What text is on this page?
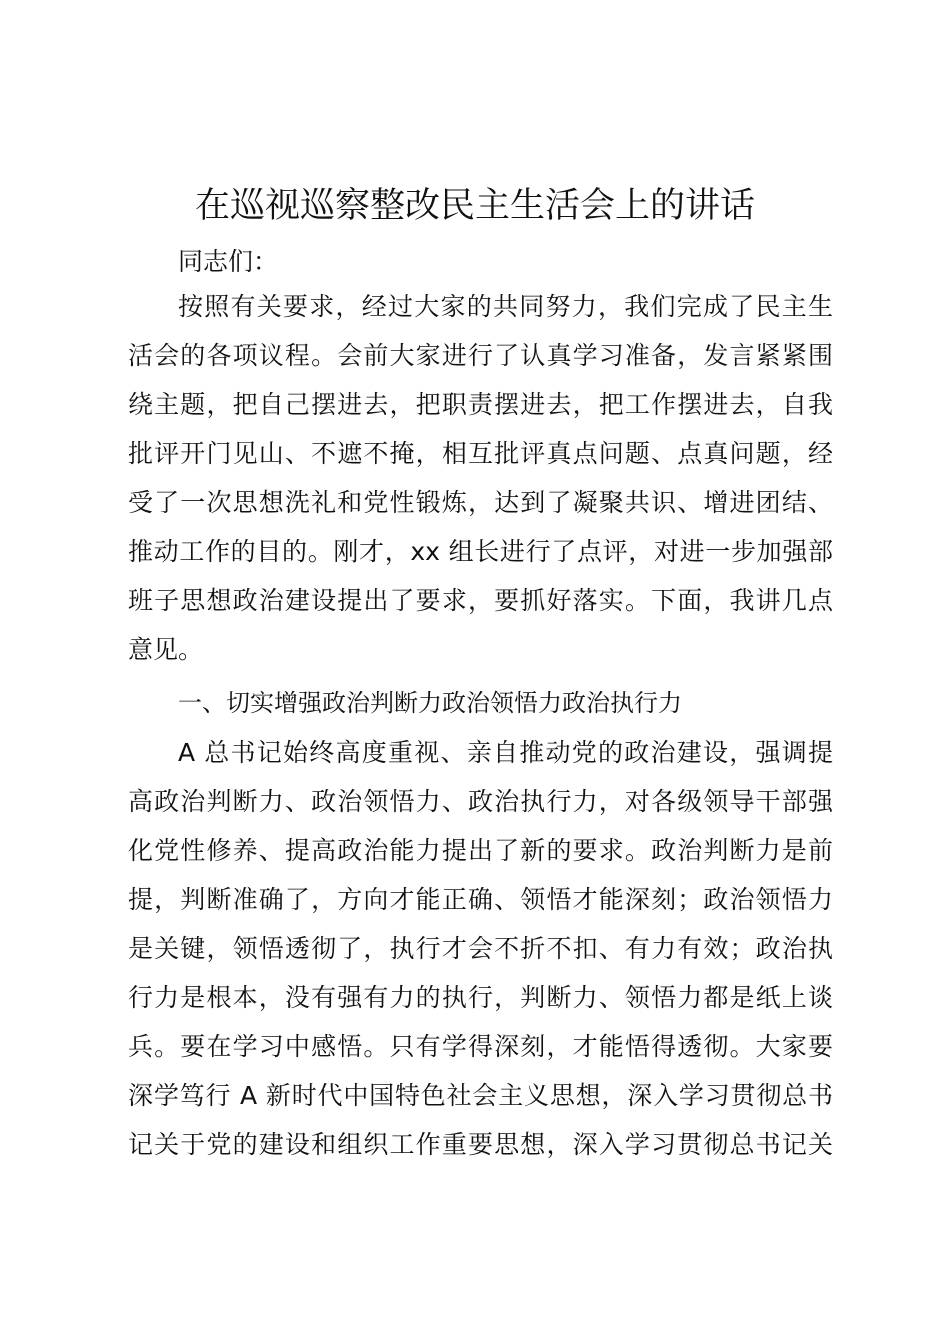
在巡视巡察整改民主生活会上的讲话
同志们：
按照有关要求，经过大家的共同努力，我们完成了民主生
活会的各项议程。会前大家进行了认真学习准备，发言紧紧围
绕主题，把自己摆进去，把职责摆进去，把工作摆进去，自我
批评开门见山、不遮不掩，相互批评真点问题、点真问题，经
受了一次思想洗礼和党性锻炼，达到了凝聚共识、增进团结、
推动工作的目的。刚才，xx 组长进行了点评，对进一步加强部
班子思想政治建设提出了要求，要抓好落实。下面，我讲几点
意见。
一、切实增强政治判断力政治领悟力政治执行力
A 总书记始终高度重视、亲自推动党的政治建设，强调提
高政治判断力、政治领悟力、政治执行力，对各级领导干部强
化党性修养、提高政治能力提出了新的要求。政治判断力是前
提，判断准确了，方向才能正确、领悟才能深刻；政治领悟力
是关键，领悟透彻了，执行才会不折不扣、有力有效；政治执
行力是根本，没有强有力的执行，判断力、领悟力都是纸上谈
兵。要在学习中感悟。只有学得深刻，才能悟得透彻。大家要
深学笃行 A 新时代中国特色社会主义思想，深入学习贯彻总书
记关于党的建设和组织工作重要思想，深入学习贯彻总书记关
